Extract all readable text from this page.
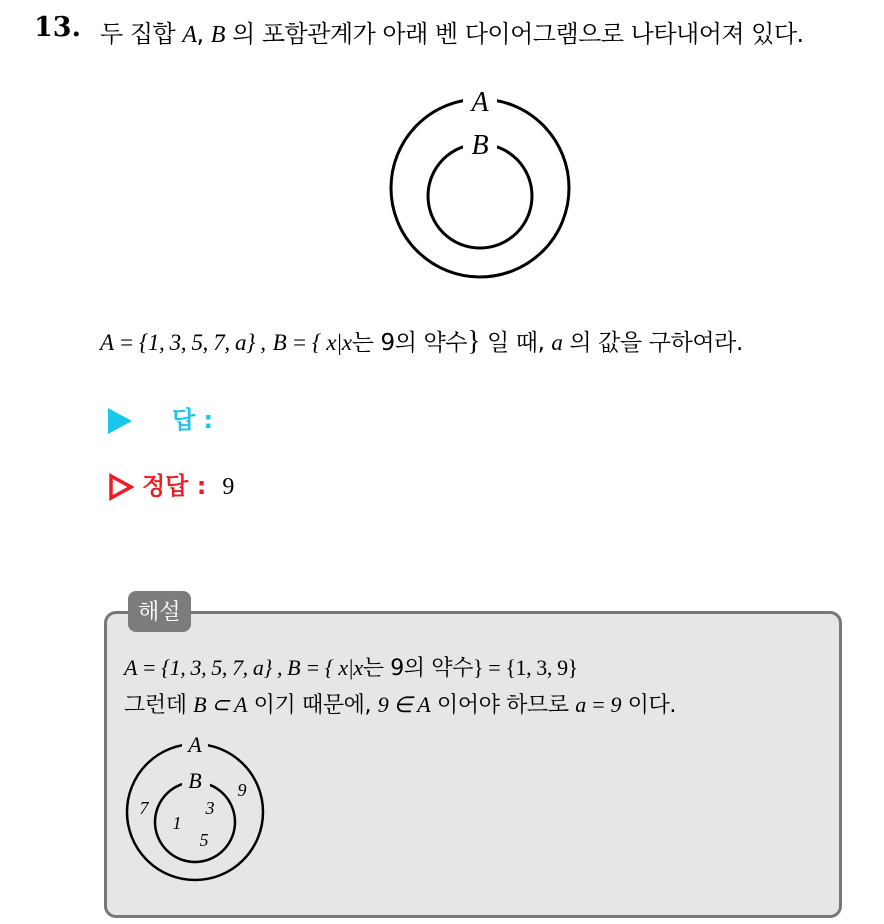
13. 두 집합 A, B 의 포함관계가 아래 벤 다이어그램으로 나타내어져 있다.
A
B
A = {1, 3, 5, 7, a} , B = { x|x는 9의 약수} 일 때, a 의 값을 구하여라.
답 :
정답 : 9
해설
A = {1, 3, 5, 7, a} , B = { x|x는 9의 약수} = {1, 3, 9}
그런데 B ⊂ A 이기 때문에, 9 ∈ A 이어야 하므로 a = 9 이다.
A
B
7
9
1
3
5
